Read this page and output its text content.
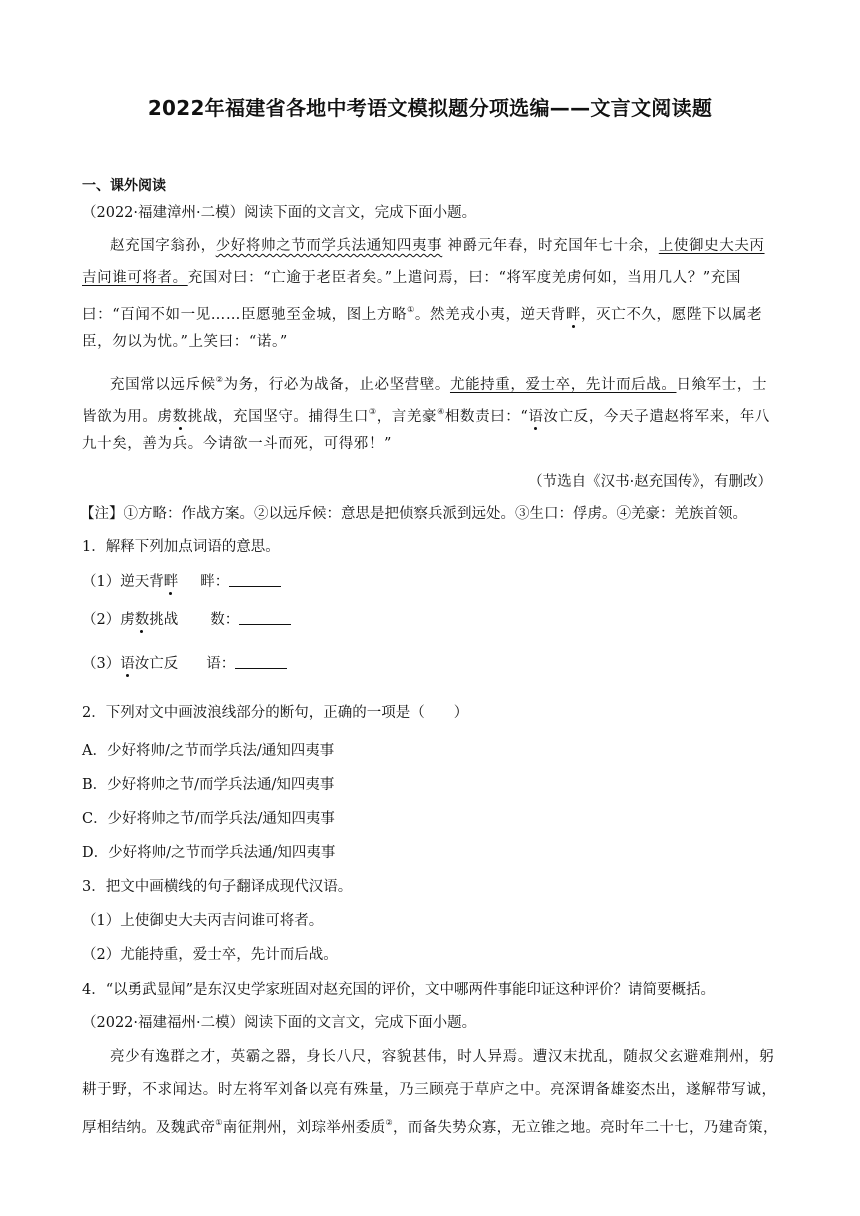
2022年福建省各地中考语文模拟题分项选编——文言文阅读题
一、课外阅读
（2022·福建漳州·二模）阅读下面的文言文，完成下面小题。
赵充国字翁孙，少好将帅之节而学兵法通知四夷事 神爵元年春，时充国年七十余，上使御史大夫丙
吉问谁可将者。充国对曰：“亡逾于老臣者矣。”上遣问焉，曰：“将军度羌虏何如，当用几人？”充国
曰：“百闻不如一见……臣愿驰至金城，图上方略①。然羌戎小夷，逆天背畔，灭亡不久，愿陛下以属老
臣，勿以为忧。”上笑曰：“诺。”
充国常以远斥候②为务，行必为战备，止必坚营壁。尤能持重，爱士卒，先计而后战。日飨军士，士
皆欲为用。虏数挑战，充国坚守。捕得生口③，言羌豪④相数责曰：“语汝亡反，今天子遣赵将军来，年八
九十矣，善为兵。今请欲一斗而死，可得邪！”
（节选自《汉书·赵充国传》，有删改）
【注】①方略：作战方案。②以远斥候：意思是把侦察兵派到远处。③生口：俘虏。④羌豪：羌族首领。
1．解释下列加点词语的意思。
（1）逆天背畔 畔：
（2）虏数挑战 数：
（3）语汝亡反 语：
2．下列对文中画波浪线部分的断句，正确的一项是（　　）
A．少好将帅/之节而学兵法/通知四夷事
B．少好将帅之节/而学兵法通/知四夷事
C．少好将帅之节/而学兵法/通知四夷事
D．少好将帅/之节而学兵法通/知四夷事
3．把文中画横线的句子翻译成现代汉语。
（1）上使御史大夫丙吉问谁可将者。
（2）尤能持重，爱士卒，先计而后战。
4．“以勇武显闻”是东汉史学家班固对赵充国的评价，文中哪两件事能印证这种评价？请简要概括。
（2022·福建福州·二模）阅读下面的文言文，完成下面小题。
亮少有逸群之才，英霸之器，身长八尺，容貌甚伟，时人异焉。遭汉末扰乱，随叔父玄避难荆州，躬
耕于野，不求闻达。时左将军刘备以亮有殊量，乃三顾亮于草庐之中。亮深谓备雄姿杰出，遂解带写诚，
厚相结纳。及魏武帝①南征荆州，刘琮举州委质②，而备失势众寡，无立锥之地。亮时年二十七，乃建奇策，
